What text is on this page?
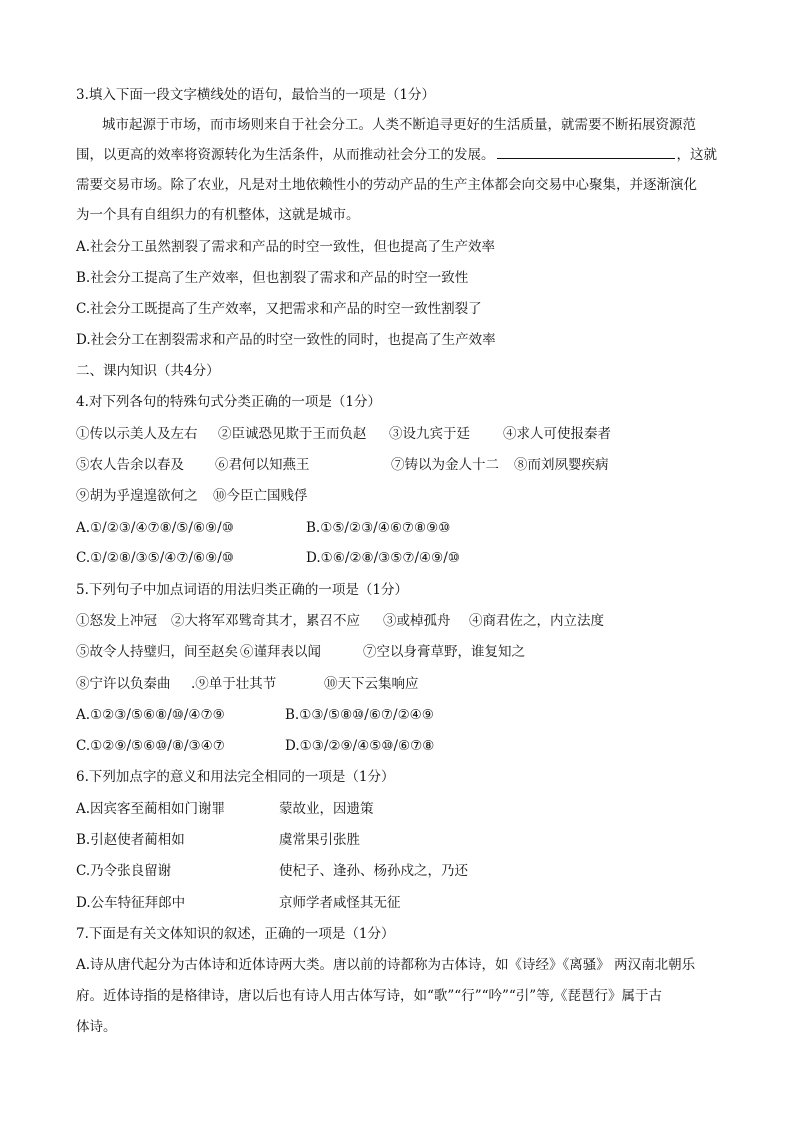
3.填入下面一段文字横线处的语句，最恰当的一项是（1分）
城市起源于市场，而市场则来自于社会分工。人类不断追寻更好的生活质量，就需要不断拓展资源范
围，以更高的效率将资源转化为生活条件，从而推动社会分工的发展。	，这就
需要交易市场。除了农业，凡是对土地依赖性小的劳动产品的生产主体都会向交易中心聚集，并逐渐演化
为一个具有自组织力的有机整体，这就是城市。
A.社会分工虽然割裂了需求和产品的时空一致性，但也提高了生产效率
B.社会分工提高了生产效率，但也割裂了需求和产品的时空一致性
C.社会分工既提高了生产效率，又把需求和产品的时空一致性割裂了
D.社会分工在割裂需求和产品的时空一致性的同时，也提高了生产效率
二、课内知识（共4分）
4.对下列各句的特殊句式分类正确的一项是（1分）
①传以示美人及左右 ②臣诚恐见欺于王而负赵 ③设九宾于廷 ④求人可使报秦者
⑤农人告余以春及 ⑥君何以知燕王	⑦铸以为金人十二 ⑧而刘夙婴疾病
⑨胡为乎遑遑欲何之 ⑩今臣亡国贱俘
A.①/②③/④⑦⑧/⑤/⑥⑨/⑩	B.①⑤/②③/④⑥⑦⑧⑨⑩
C.①/②⑧/③⑤/④⑦/⑥⑨/⑩	D.①⑥/②⑧/③⑤⑦/④⑨/⑩
5.下列句子中加点词语的用法归类正确的一项是（1分）
①怒发上冲冠 ②大将军邓骘奇其才，累召不应 ③或棹孤舟 ④商君佐之，内立法度
⑤故令人持璧归，间至赵矣 ⑥谨拜表以闻	⑦空以身膏草野，谁复知之
⑧宁许以负秦曲 .⑨单于壮其节	⑩天下云集响应
A.①②③/⑤⑥⑧/⑩/④⑦⑨	B.①③/⑤⑧⑩/⑥⑦/②④⑨
C.①②⑨/⑤⑥⑩/⑧/③④⑦	D.①③/②⑨/④⑤⑩/⑥⑦⑧
6.下列加点字的意义和用法完全相同的一项是（1分）
A.因宾客至蔺相如门谢罪	蒙故业，因遗策
B.引赵使者蔺相如	虞常果引张胜
C.乃令张良留谢	使杞子、逢孙、杨孙戍之，乃还
D.公车特征拜郎中	京师学者咸怪其无征
7.下面是有关文体知识的叙述，正确的一项是（1分）
A.诗从唐代起分为古体诗和近体诗两大类。唐以前的诗都称为古体诗，如《诗经》《离骚》 两汉南北朝乐
府。近体诗指的是格律诗，唐以后也有诗人用古体写诗，如“歌”“行”“吟”“引”等,《琵琶行》属于古
体诗。
